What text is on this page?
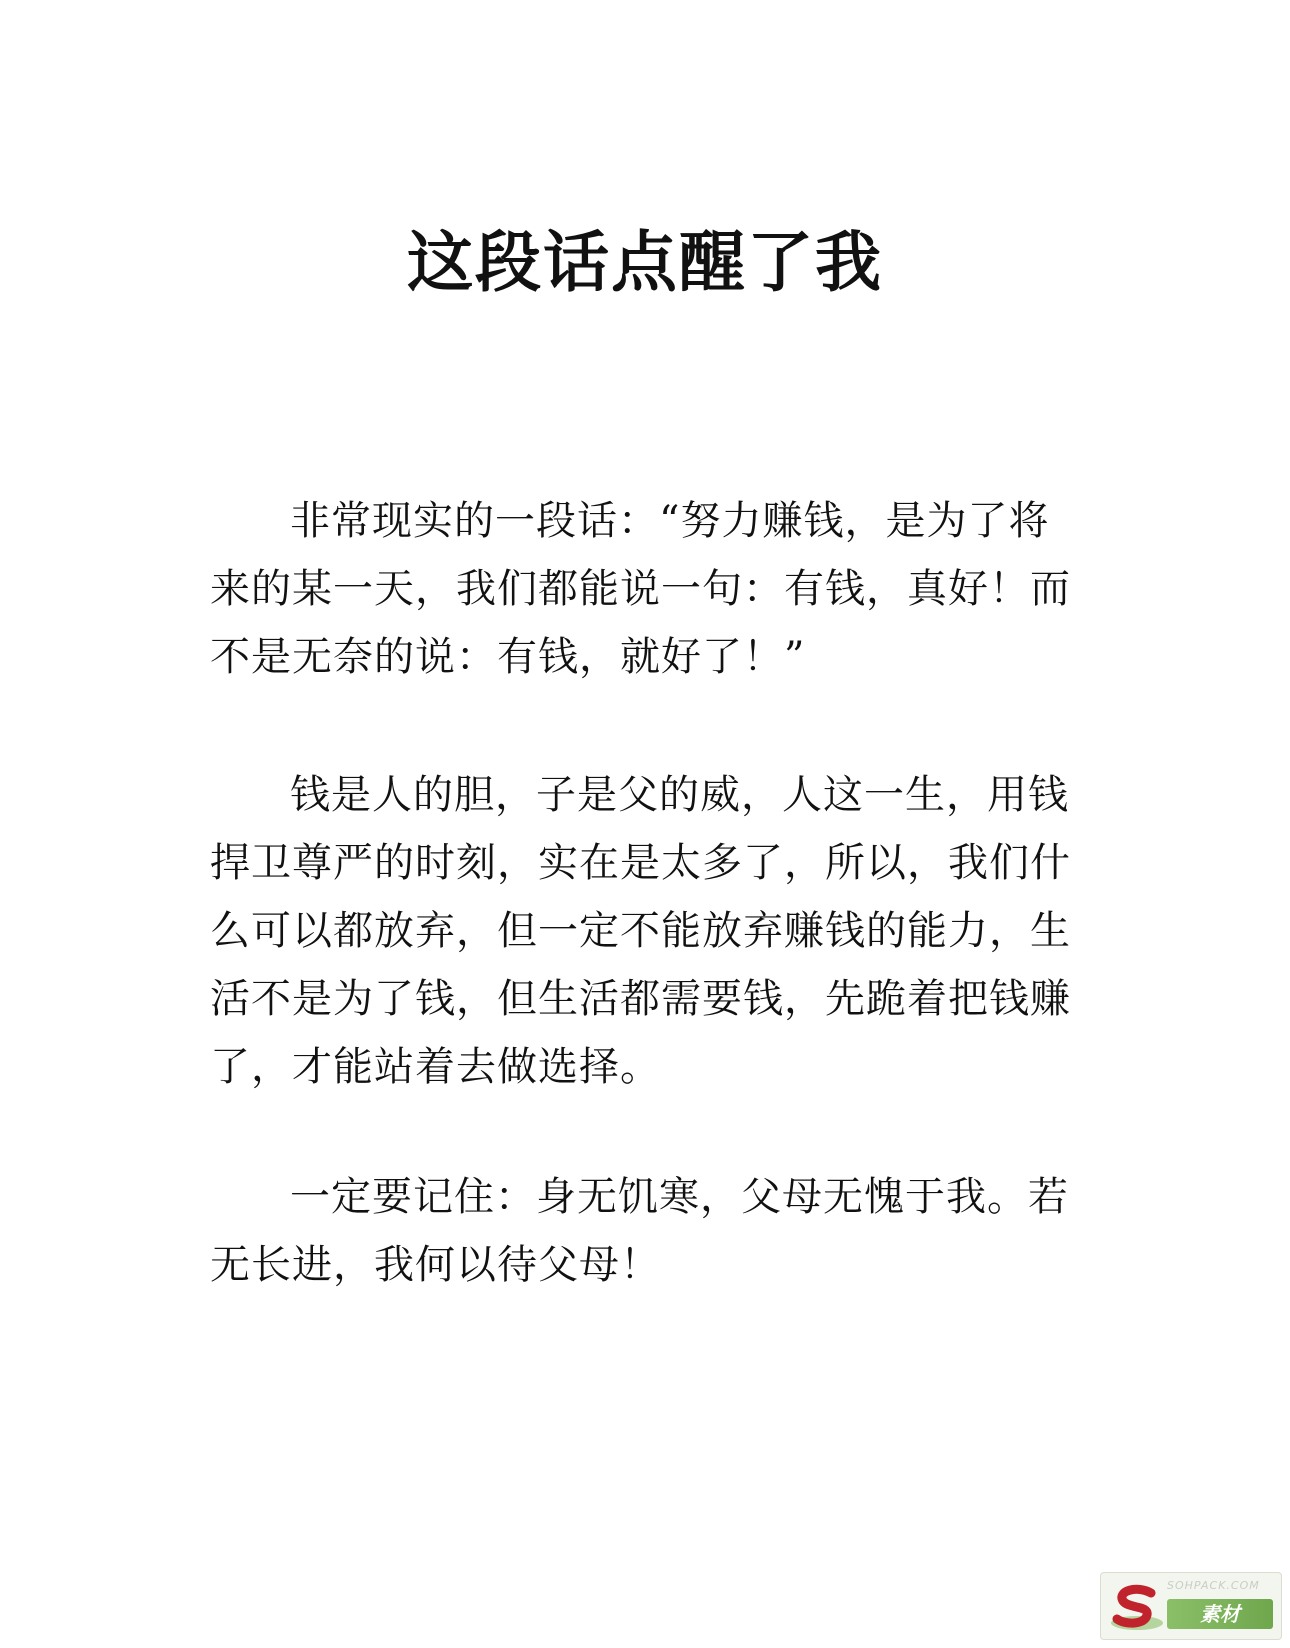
这段话点醒了我

非常现实的一段话：“努力赚钱，是为了将来的某一天，我们都能说一句：有钱，真好！而不是无奈的说：有钱，就好了！”

钱是人的胆，子是父的威，人这一生，用钱捍卫尊严的时刻，实在是太多了，所以，我们什么可以都放弃，但一定不能放弃赚钱的能力，生活不是为了钱，但生活都需要钱，先跪着把钱赚了，才能站着去做选择。

一定要记住：身无饥寒，父母无愧于我。若无长进，我何以待父母！

SOHPACK.COM
素材
